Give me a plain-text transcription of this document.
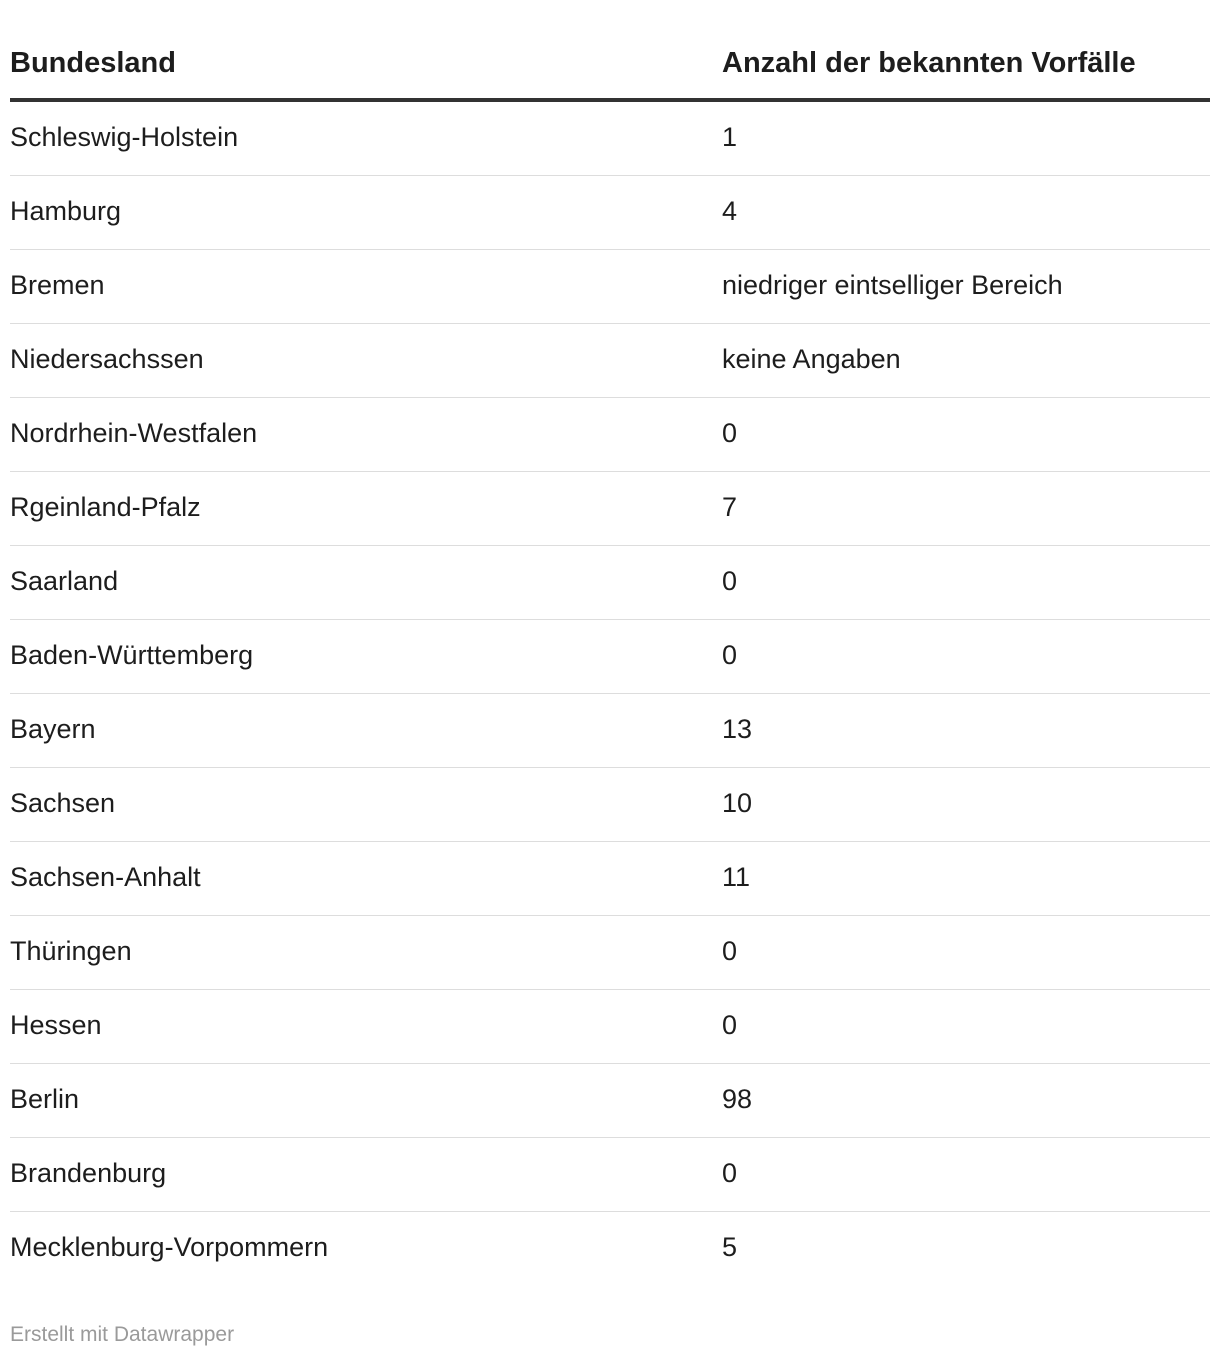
Bundesland	Anzahl der bekannten Vorfälle
Schleswig-Holstein	1
Hamburg	4
Bremen	niedriger eintselliger Bereich
Niedersachssen	keine Angaben
Nordrhein-Westfalen	0
Rgeinland-Pfalz	7
Saarland	0
Baden-Württemberg	0
Bayern	13
Sachsen	10
Sachsen-Anhalt	11
Thüringen	0
Hessen	0
Berlin	98
Brandenburg	0
Mecklenburg-Vorpommern	5
Erstellt mit Datawrapper
